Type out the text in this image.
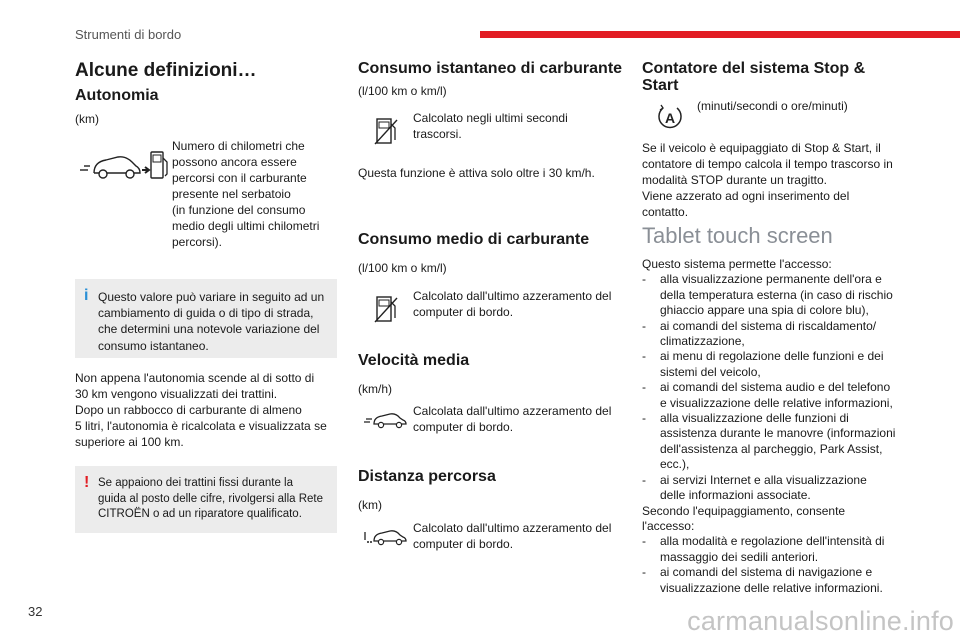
Strumenti di bordo
Alcune definizioni…
Autonomia

(km)

Numero di chilometri che
possono ancora essere
percorsi con il carburante
presente nel serbatoio
(in funzione del consumo
medio degli ultimi chilometri
percorsi).
i Questo valore può variare in seguito ad un
cambiamento di guida o di tipo di strada,
che determini una notevole variazione del
consumo istantaneo.
Non appena l'autonomia scende al di sotto di
30 km vengono visualizzati dei trattini.
Dopo un rabbocco di carburante di almeno
5 litri, l'autonomia è ricalcolata e visualizzata se
superiore ai 100 km.
! Se appaiono dei trattini fissi durante la
guida al posto delle cifre, rivolgersi alla Rete
CITROËN o ad un riparatore qualificato.
Consumo istantaneo di carburante

(l/100 km o km/l)

Calcolato negli ultimi secondi
trascorsi.

Questa funzione è attiva solo oltre i 30 km/h.

Consumo medio di carburante

(l/100 km o km/l)

Calcolato dall'ultimo azzeramento del
computer di bordo.
Velocità media

(km/h)

Calcolata dall'ultimo azzeramento del
computer di bordo.
Distanza percorsa

(km)

Calcolato dall'ultimo azzeramento del
computer di bordo.
Contatore del sistema Stop &
Start
A
(minuti/secondi o ore/minuti)
Se il veicolo è equipaggiato di Stop & Start, il
contatore di tempo calcola il tempo trascorso in
modalità STOP durante un tragitto.
Viene azzerato ad ogni inserimento del
contatto.
Tablet touch screen

Questo sistema permette l'accesso:

- alla visualizzazione permanente dell'ora e
della temperatura esterna (in caso di rischio
ghiaccio appare una spia di colore blu),
- ai comandi del sistema di riscaldamento/
climatizzazione,
- ai menu di regolazione delle funzioni e dei
sistemi del veicolo,
- ai comandi del sistema audio e del telefono
e visualizzazione delle relative informazioni,
- alla visualizzazione delle funzioni di
assistenza durante le manovre (informazioni
dell'assistenza al parcheggio, Park Assist,
ecc.),
- ai servizi Internet e alla visualizzazione
delle informazioni associate.
Secondo l'equipaggiamento, consente
l'accesso:
- alla modalità e regolazione dell'intensità di
massaggio dei sedili anteriori.
- ai comandi del sistema di navigazione e
visualizzazione delle relative informazioni.
32	carmanualsonline.info
